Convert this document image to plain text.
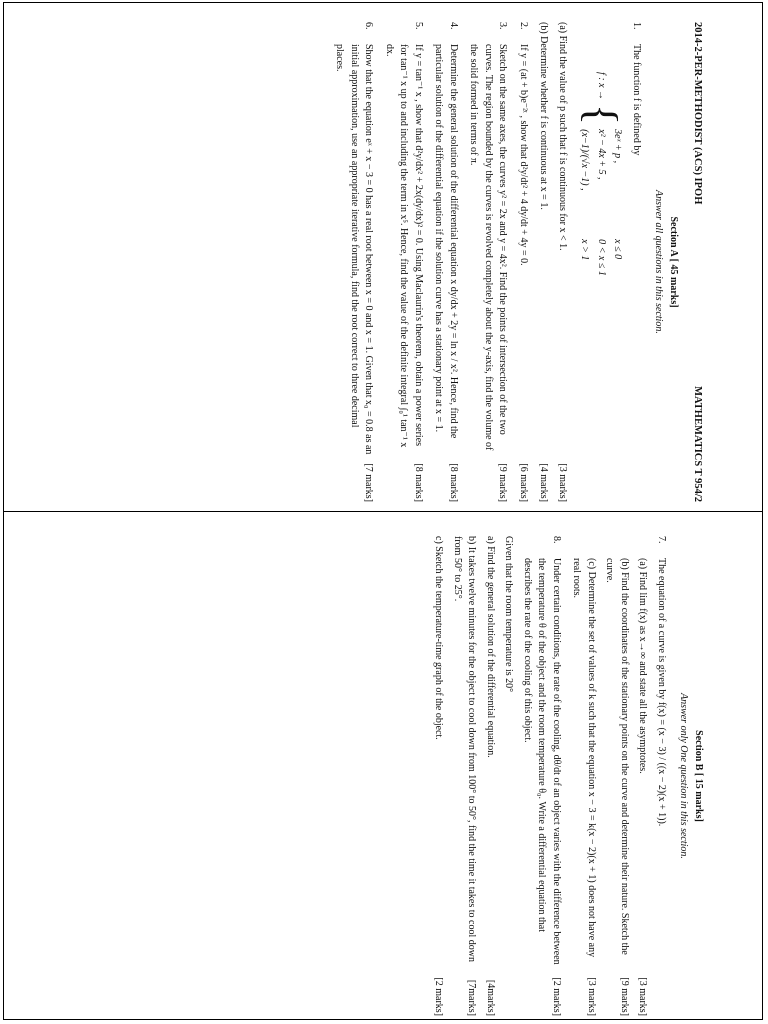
2014-2-PER-METHODIST (ACS) IPOH
MATHEMATICS T 954/2
Section A [ 45 marks]
Answer all questions in this section.
1.
The function f is defined by
f : x →
{
3eˣ + p ,
x ≤ 0
x² − 4x + 5 ,
0 < x ≤ 1
(x−1)/(√x −1) ,
x > 1
(a) Find the value of p such that f is continuous for x < 1.
[3 marks]
(b) Determine whether f is continuous at x = 1.
[4 marks]
2.
If y = (at + b)e⁻²ᵗ , show that d²y/dt² + 4 dy/dt + 4y = 0.
[6 marks]
3.
Sketch on the same axes, the curves y² = 2x and y = 4x². Find the points of intersection of the two curves. The region bounded by the curves is revolved completely about the y-axis, find the volume of the solid formed in terms of π.
[9 marks]
4.
Determine the general solution of the differential equation x dy/dx + 2y = ln x / x². Hence, find the particular solution of the differential equation if the solution curve has a stationary point at x = 1.
[8 marks]
5.
If y = tan⁻¹ x , show that d²y/dx² + 2x(dy/dx)² = 0. Using Maclaurin's theorem, obtain a power series for tan⁻¹ x up to and including the term in x⁵. Hence, find the value of the definite integral ∫₀¹ tan⁻¹ x dx.
[8 marks]
6.
Show that the equation eˣ + x − 3 = 0 has a real root between x = 0 and x = 1. Given that x₀ = 0.8 as an initial approximation, use an appropriate iterative formula, find the root correct to three decimal places.
[7 marks]
Section B [ 15 marks]
Answer only One question in this section.
7.
The equation of a curve is given by f(x) = (x − 3) / ((x − 2)(x + 1)).
(a) Find lim f(x) as x→∞ and state all the asymptotes.
[3 marks]
(b) Find the coordinates of the stationary points on the curve and determine their nature. Sketch the curve.
[9 marks]
(c) Determine the set of values of k such that the equation x − 3 = k(x − 2)(x + 1) does not have any real roots.
[3 marks]
8.
Under certain conditions, the rate of the cooling, dθ/dt of an object varies with the difference between the temperature θ of the object and the room temperature θ₀. Write a differential equation that describes the rate of the cooling of this object.
[2 marks]
Given that the room temperature is 20°
a) Find the general solution of the differential equation.
[4marks]
b) It takes twelve minutes for the object to cool down from 100° to 50°, find the time it takes to cool down from 50° to 25°.
[7marks]
c) Sketch the temperature-time graph of the object.
[2 marks]
